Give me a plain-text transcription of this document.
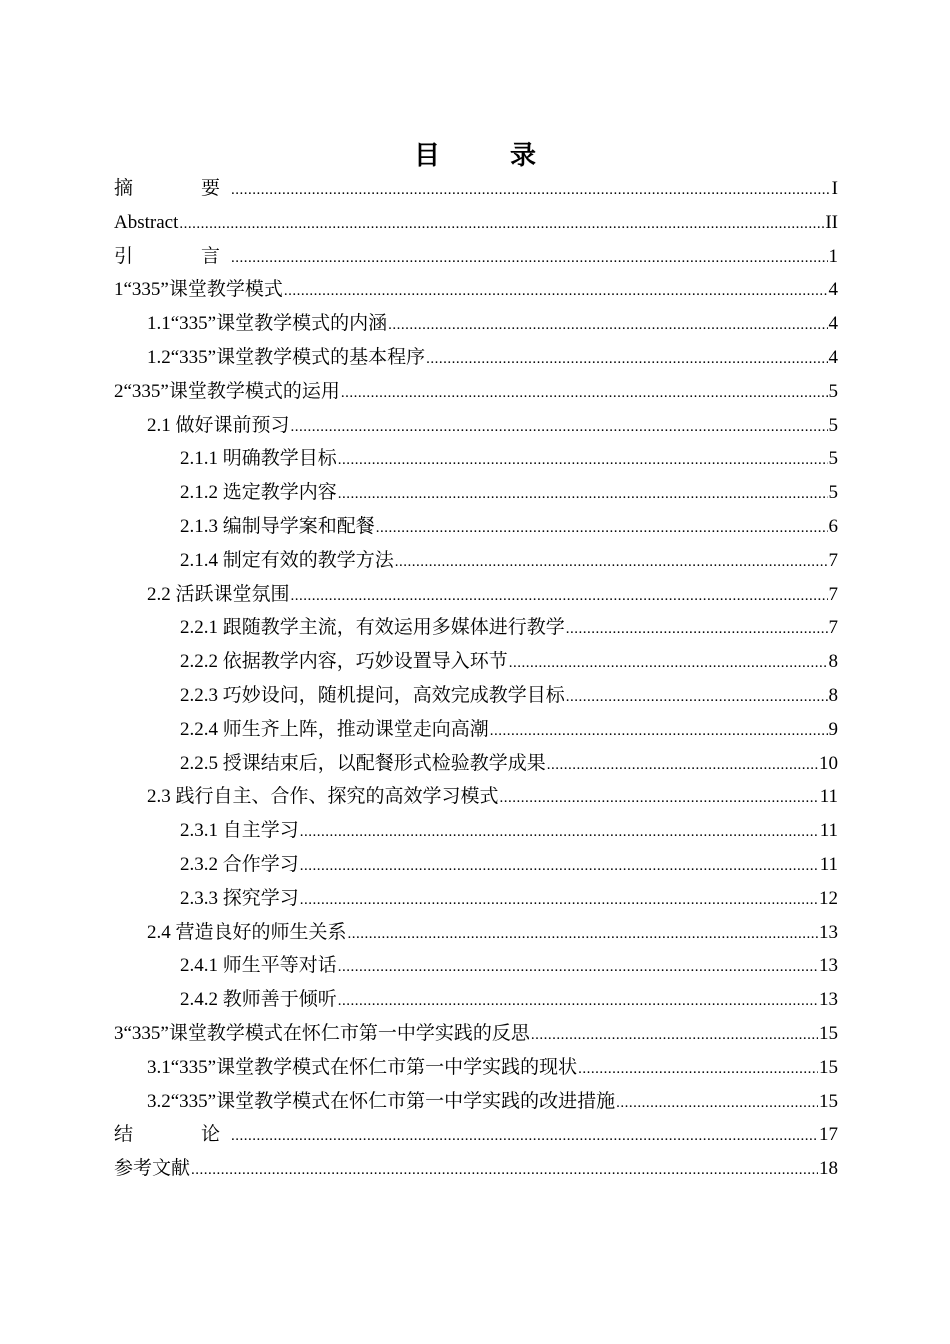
目　录
摘　　要 .....	I
Abstract .....	II
引　　言 .....	1
1“335”课堂教学模式 .....	4
1.1“335”课堂教学模式的内涵 .....	4
1.2“335”课堂教学模式的基本程序 .....	4
2“335”课堂教学模式的运用 .....	5
2.1 做好课前预习 .....	5
2.1.1 明确教学目标 .....	5
2.1.2 选定教学内容 .....	5
2.1.3 编制导学案和配餐 .....	6
2.1.4 制定有效的教学方法 .....	7
2.2 活跃课堂氛围 .....	7
2.2.1 跟随教学主流，有效运用多媒体进行教学 .....	7
2.2.2 依据教学内容，巧妙设置导入环节 .....	8
2.2.3 巧妙设问，随机提问，高效完成教学目标 .....	8
2.2.4 师生齐上阵，推动课堂走向高潮 .....	9
2.2.5 授课结束后，以配餐形式检验教学成果 .....	10
2.3 践行自主、合作、探究的高效学习模式 .....	11
2.3.1 自主学习 .....	11
2.3.2 合作学习 .....	11
2.3.3 探究学习 .....	12
2.4 营造良好的师生关系 .....	13
2.4.1 师生平等对话 .....	13
2.4.2 教师善于倾听 .....	13
3“335”课堂教学模式在怀仁市第一中学实践的反思 .....	15
3.1“335”课堂教学模式在怀仁市第一中学实践的现状 .....	15
3.2“335”课堂教学模式在怀仁市第一中学实践的改进措施 .....	15
结　　论 .....	17
参考文献 .....	18
